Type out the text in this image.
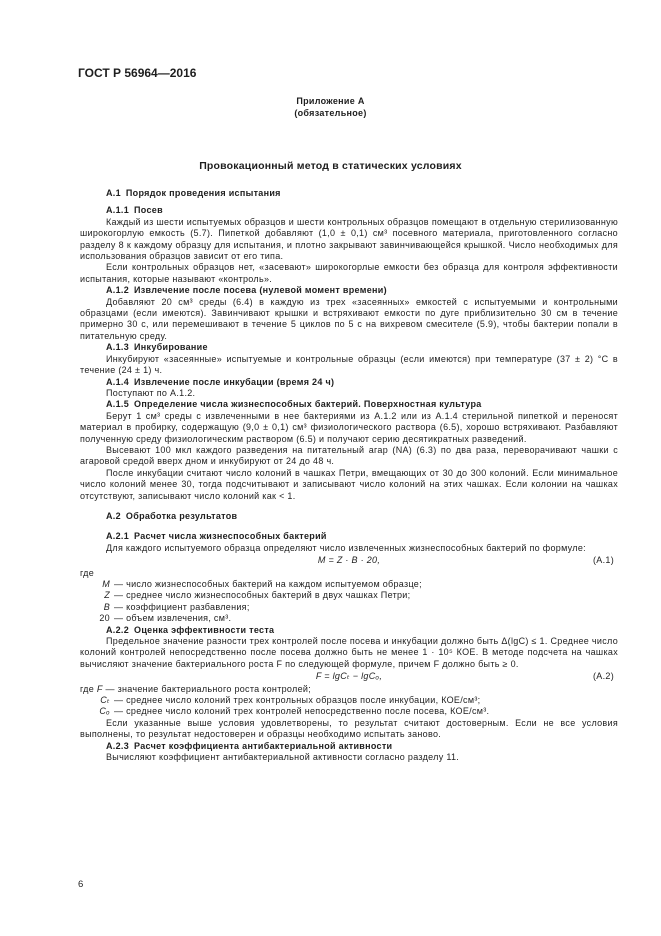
ГОСТ Р 56964—2016
Приложение А
(обязательное)
Провокационный метод в статических условиях
А.1 Порядок проведения испытания
А.1.1 Посев

Каждый из шести испытуемых образцов и шести контрольных образцов помещают в отдельную стерилизованную широкогорлую емкость (5.7). Пипеткой добавляют (1,0 ± 0,1) см³ посевного материала, приготовленного согласно разделу 8 к каждому образцу для испытания, и плотно закрывают завинчивающейся крышкой. Число необходимых для использования образцов зависит от его типа.

Если контрольных образцов нет, «засевают» широкогорлые емкости без образца для контроля эффективности испытания, которые называют «контроль».

А.1.2 Извлечение после посева (нулевой момент времени)

Добавляют 20 см³ среды (6.4) в каждую из трех «засеянных» емкостей с испытуемыми и контрольными образцами (если имеются). Завинчивают крышки и встряхивают емкости по дуге приблизительно 30 см в течение примерно 30 с, или перемешивают в течение 5 циклов по 5 с на вихревом смесителе (5.9), чтобы бактерии попали в питательную среду.

А.1.3 Инкубирование

Инкубируют «засеянные» испытуемые и контрольные образцы (если имеются) при температуре (37 ± 2) °С в течение (24 ± 1) ч.

А.1.4 Извлечение после инкубации (время 24 ч)

Поступают по А.1.2.

А.1.5 Определение числа жизнеспособных бактерий. Поверхностная культура

Берут 1 см³ среды с извлеченными в нее бактериями из А.1.2 или из А.1.4 стерильной пипеткой и переносят материал в пробирку, содержащую (9,0 ± 0,1) см³ физиологического раствора (6.5), хорошо встряхивают. Разбавляют полученную среду физиологическим раствором (6.5) и получают серию десятикратных разведений.

Высевают 100 мкл каждого разведения на питательный агар (NA) (6.3) по два раза, переворачивают чашки с агаровой средой вверх дном и инкубируют от 24 до 48 ч.

После инкубации считают число колоний в чашках Петри, вмещающих от 30 до 300 колоний. Если минимальное число колоний менее 30, тогда подсчитывают и записывают число колоний на этих чашках. Если колонии на чашках отсутствуют, записывают число колоний как < 1.

А.2 Обработка результатов
А.2.1 Расчет числа жизнеспособных бактерий

Для каждого испытуемого образца определяют число извлеченных жизнеспособных бактерий по формуле:

M = Z · B · 20,	(А.1)

где

M — число жизнеспособных бактерий на каждом испытуемом образце;
Z — среднее число жизнеспособных бактерий в двух чашках Петри;
B — коэффициент разбавления;
20 — объем извлечения, см³.
А.2.2 Оценка эффективности теста

Предельное значение разности трех контролей после посева и инкубации должно быть Δ(lgC) ≤ 1. Среднее число колоний контролей непосредственно после посева должно быть не менее 1 · 10⁵ КОЕ. В методе подсчета на чашках вычисляют значение бактериального роста F по следующей формуле, причем F должно быть ≥ 0.

F = lgCₜ − lgCₒ,	(А.2)
где F — значение бактериального роста контролей;
Cₜ — среднее число колоний трех контрольных образцов после инкубации, КОЕ/см³;
Cₒ — среднее число колоний трех контролей непосредственно после посева, КОЕ/см³.

Если указанные выше условия удовлетворены, то результат считают достоверным. Если не все условия выполнены, то результат недостоверен и образцы необходимо испытать заново.

А.2.3 Расчет коэффициента антибактериальной активности

Вычисляют коэффициент антибактериальной активности согласно разделу 11.

6
